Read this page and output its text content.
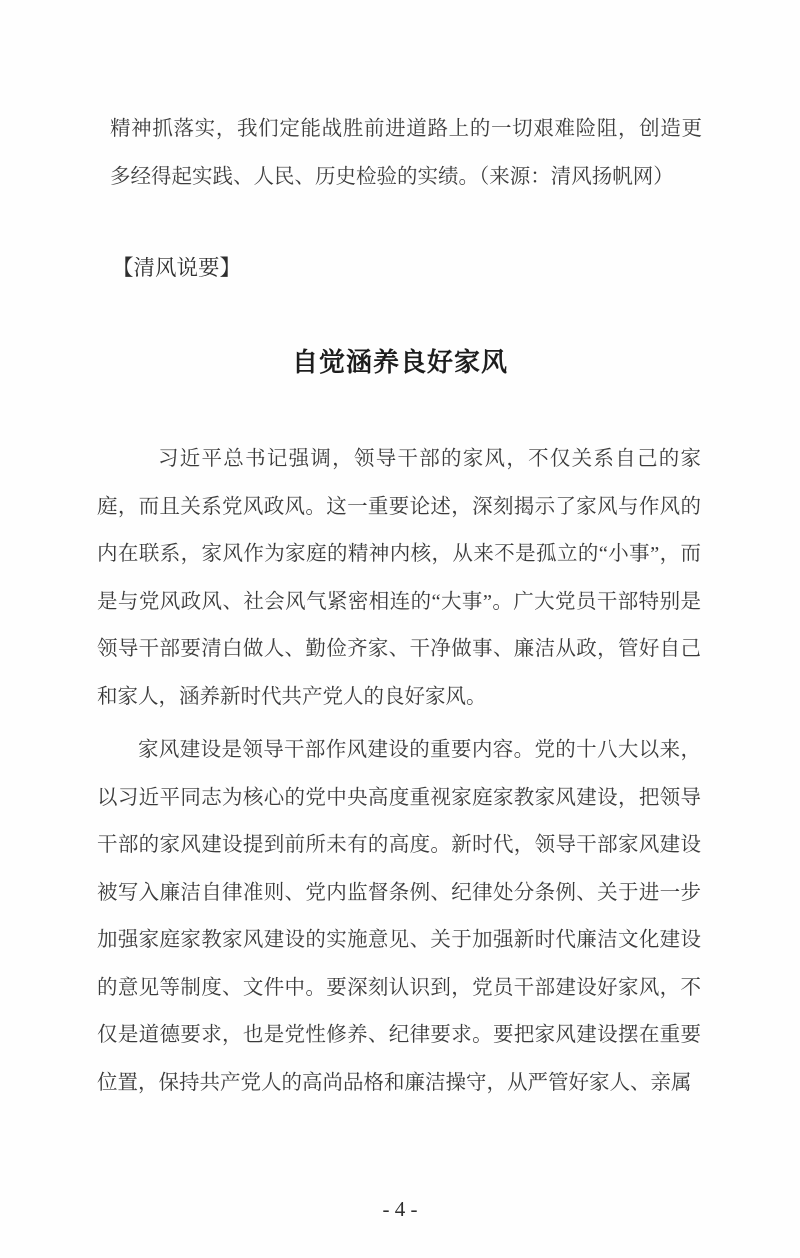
精神抓落实，我们定能战胜前进道路上的一切艰难险阻，创造更多经得起实践、人民、历史检验的实绩。（来源：清风扬帆网）

【清风说要】

自觉涵养良好家风

习近平总书记强调，领导干部的家风，不仅关系自己的家庭，而且关系党风政风。这一重要论述，深刻揭示了家风与作风的内在联系，家风作为家庭的精神内核，从来不是孤立的“小事”，而是与党风政风、社会风气紧密相连的“大事”。广大党员干部特别是领导干部要清白做人、勤俭齐家、干净做事、廉洁从政，管好自己和家人，涵养新时代共产党人的良好家风。

家风建设是领导干部作风建设的重要内容。党的十八大以来，以习近平同志为核心的党中央高度重视家庭家教家风建设，把领导干部的家风建设提到前所未有的高度。新时代，领导干部家风建设被写入廉洁自律准则、党内监督条例、纪律处分条例、关于进一步加强家庭家教家风建设的实施意见、关于加强新时代廉洁文化建设的意见等制度、文件中。要深刻认识到，党员干部建设好家风，不仅是道德要求，也是党性修养、纪律要求。要把家风建设摆在重要位置，保持共产党人的高尚品格和廉洁操守，从严管好家人、亲属

- 4 -
